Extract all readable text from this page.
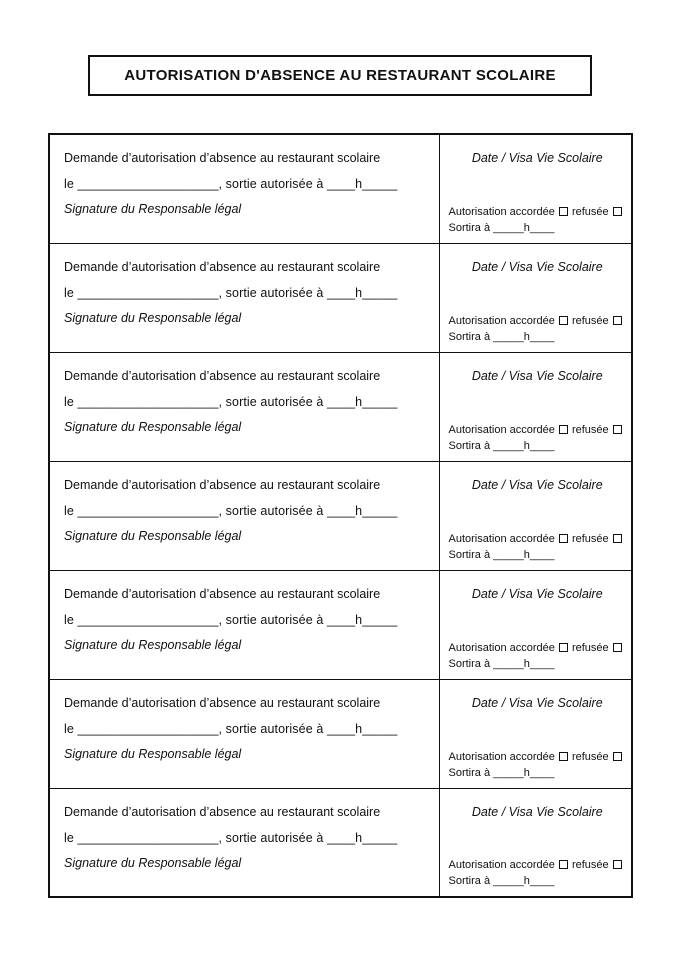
AUTORISATION D'ABSENCE AU RESTAURANT SCOLAIRE

Demande d’autorisation d’absence au restaurant scolaire

le ____________________, sortie autorisée à ____h_____

Signature du Responsable légal

Date / Visa Vie Scolaire

Autorisation accordée refusée

Sortira à _____h____

Demande d’autorisation d’absence au restaurant scolaire

le ____________________, sortie autorisée à ____h_____

Signature du Responsable légal

Date / Visa Vie Scolaire

Autorisation accordée refusée

Sortira à _____h____

Demande d’autorisation d’absence au restaurant scolaire

le ____________________, sortie autorisée à ____h_____

Signature du Responsable légal

Date / Visa Vie Scolaire

Autorisation accordée refusée

Sortira à _____h____

Demande d’autorisation d’absence au restaurant scolaire

le ____________________, sortie autorisée à ____h_____

Signature du Responsable légal

Date / Visa Vie Scolaire

Autorisation accordée refusée

Sortira à _____h____

Demande d’autorisation d’absence au restaurant scolaire

le ____________________, sortie autorisée à ____h_____

Signature du Responsable légal

Date / Visa Vie Scolaire

Autorisation accordée refusée

Sortira à _____h____

Demande d’autorisation d’absence au restaurant scolaire

le ____________________, sortie autorisée à ____h_____

Signature du Responsable légal

Date / Visa Vie Scolaire

Autorisation accordée refusée

Sortira à _____h____

Demande d’autorisation d’absence au restaurant scolaire

le ____________________, sortie autorisée à ____h_____

Signature du Responsable légal

Date / Visa Vie Scolaire

Autorisation accordée refusée

Sortira à _____h____
